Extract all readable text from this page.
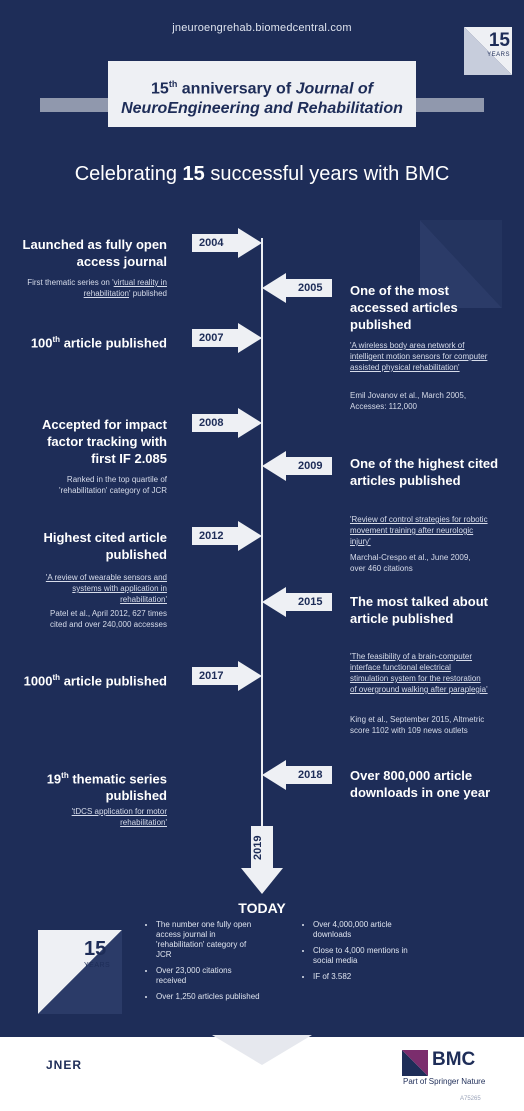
jneuroengrehab.biomedcentral.com
15
YEARS
15th anniversary of Journal of
NeuroEngineering and Rehabilitation
Celebrating 15 successful years with BMC
2004
Launched as fully open access journal
First thematic series on 'virtual reality in rehabilitation' published	2005 One of the most accessed articles published
'A wireless body area network of intelligent motion sensors for computer assisted physical rehabilitation'
Emil Jovanov et al., March 2005, Accesses: 112,000
2007
100th article published
2008
Accepted for impact factor tracking with first IF 2.085
Ranked in the top quartile of 'rehabilitation' category of JCR
2009 One of the highest cited articles published
'Review of control strategies for robotic movement training after neurologic injury'
Marchal-Crespo et al., June 2009, over 460 citations
2012
Highest cited article published
'A review of wearable sensors and systems with application in rehabilitation'
Patel et al., April 2012, 627 times cited and over 240,000 accesses
2015 The most talked about article published
'The feasibility of a brain-computer interface functional electrical stimulation system for the restoration of overground walking after paraplegia'
King et al., September 2015, Altmetric score 1102 with 109 news outlets
2017
1000th article published
2018 Over 800,000 article downloads in one year
19th thematic series published
'tDCS application for motor rehabilitation'
2019
TODAY
15
YEARS
• The number one fully open access journal in 'rehabilitation' category of JCR
• Over 23,000 citations received
• Over 1,250 articles published
• Over 4,000,000 article downloads
• Close to 4,000 mentions in social media
• IF of 3.582
JNER	BMC
Part of Springer Nature
A75265
